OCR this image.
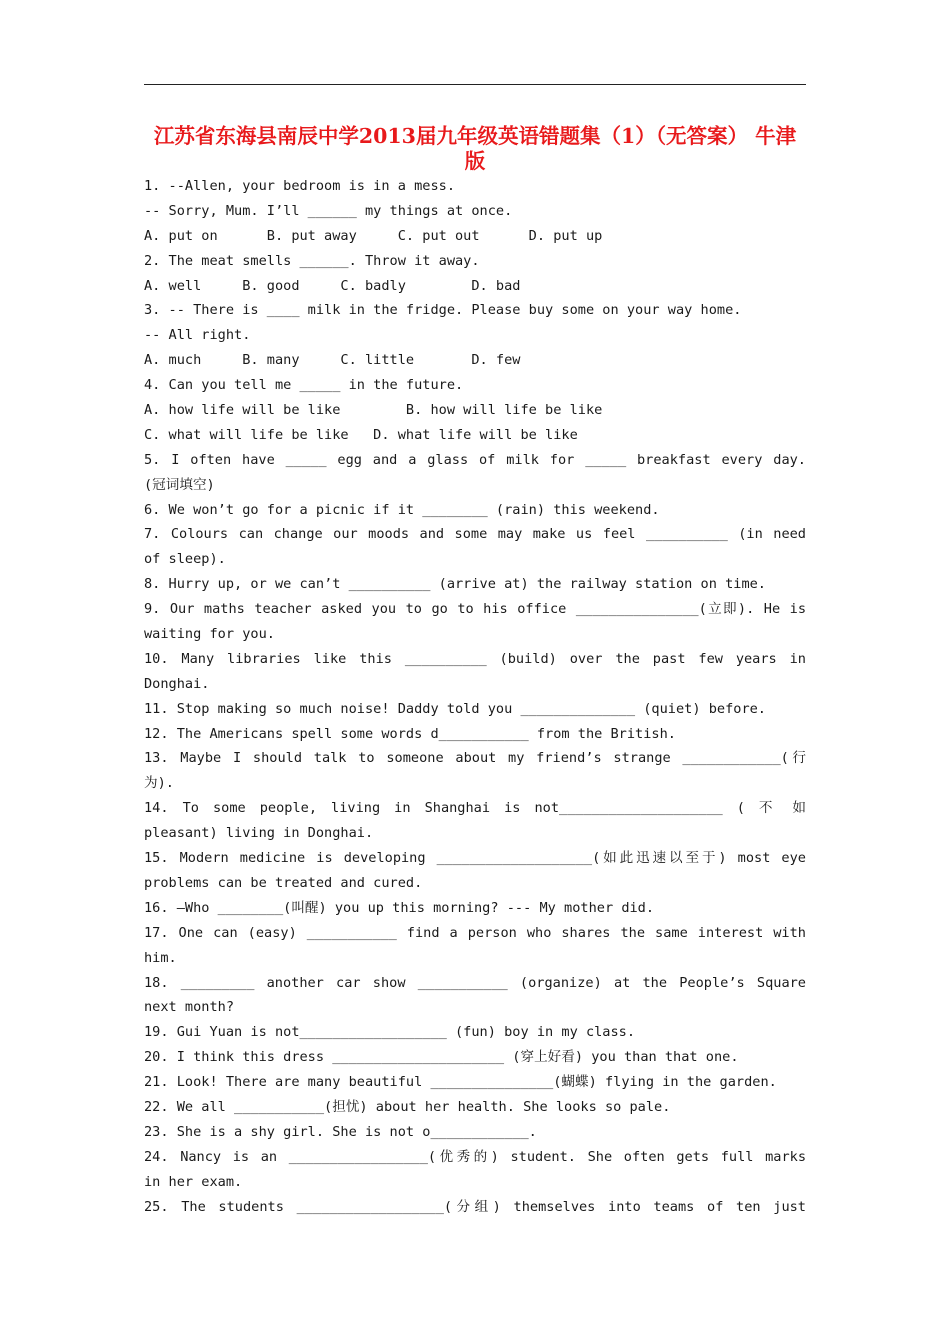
江苏省东海县南辰中学2013届九年级英语错题集（1）（无答案） 牛津版
1. --Allen, your bedroom is in a mess.
-- Sorry, Mum. I’ll ______ my things at once.
A. put on      B. put away     C. put out      D. put up
2. The meat smells ______. Throw it away.
A. well     B. good     C. badly        D. bad
3. -- There is ____ milk in the fridge. Please buy some on your way home.
-- All right.
A. much     B. many     C. little       D. few
4. Can you tell me _____ in the future.
A. how life will be like        B. how will life be like
C. what will life be like   D. what life will be like
5. I often have _____ egg and a glass of milk for _____ breakfast every day.
(冠词填空)
6. We won’t go for a picnic if it ________ (rain) this weekend.
7. Colours can change our moods and some may make us feel __________ (in need
of sleep).
8. Hurry up, or we can’t __________ (arrive at) the railway station on time.
9. Our maths teacher asked you to go to his office _______________(立即). He is
waiting for you.
10. Many libraries like this __________ (build) over the past few years in
Donghai.
11. Stop making so much noise! Daddy told you ______________ (quiet) before.
12. The Americans spell some words d___________ from the British.
13. Maybe I should talk to someone about my friend’s strange ____________(行
为).
14. To some people, living in Shanghai is not____________________ ( 不 如
pleasant) living in Donghai.
15. Modern medicine is developing ___________________(如此迅速以至于) most eye
problems can be treated and cured.
16. –Who ________(叫醒) you up this morning? --- My mother did.
17. One can (easy) ___________ find a person who shares the same interest with
him.
18. _________ another car show ___________ (organize) at the People’s Square
next month?
19. Gui Yuan is not__________________ (fun) boy in my class.
20. I think this dress _____________________ (穿上好看) you than that one.
21. Look! There are many beautiful _______________(蝴蝶) flying in the garden.
22. We all ___________(担忧) about her health. She looks so pale.
23. She is a shy girl. She is not o____________.
24. Nancy is an _________________(优秀的) student. She often gets full marks
in her exam.
25. The students __________________(分组) themselves into teams of ten just
